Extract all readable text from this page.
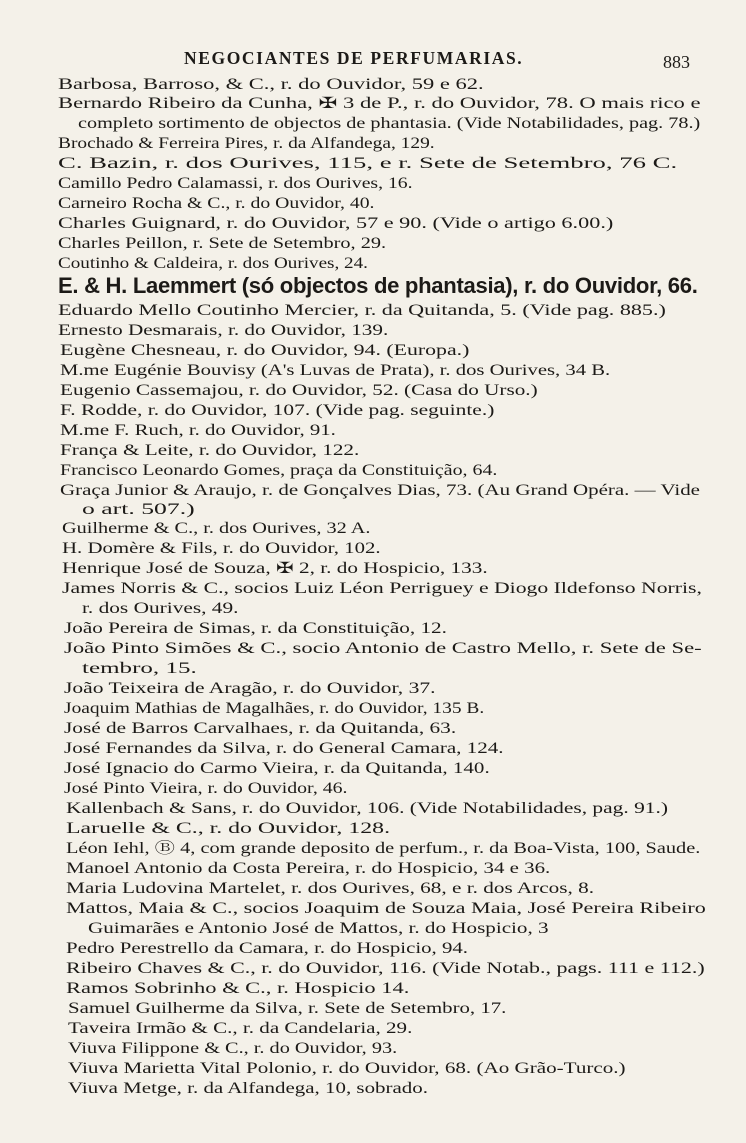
NEGOCIANTES DE PERFUMARIAS.	883
Barbosa, Barroso, & C., r. do Ouvidor, 59 e 62.
Bernardo Ribeiro da Cunha, ✠ 3 de P., r. do Ouvidor, 78. O mais rico e
completo sortimento de objectos de phantasia. (Vide Notabilidades, pag. 78.)
Brochado & Ferreira Pires, r. da Alfandega, 129.
C. Bazin, r. dos Ourives, 115, e r. Sete de Setembro, 76 C.
Camillo Pedro Calamassi, r. dos Ourives, 16.
Carneiro Rocha & C., r. do Ouvidor, 40.
Charles Guignard, r. do Ouvidor, 57 e 90. (Vide o artigo 6.00.)
Charles Peillon, r. Sete de Setembro, 29.
Coutinho & Caldeira, r. dos Ourives, 24.
E. & H. Laemmert (só objectos de phantasia), r. do Ouvidor, 66.
Eduardo Mello Coutinho Mercier, r. da Quitanda, 5. (Vide pag. 885.)
Ernesto Desmarais, r. do Ouvidor, 139.
Eugène Chesneau, r. do Ouvidor, 94. (Europa.)
M.me Eugénie Bouvisy (A's Luvas de Prata), r. dos Ourives, 34 B.
Eugenio Cassemajou, r. do Ouvidor, 52. (Casa do Urso.)
F. Rodde, r. do Ouvidor, 107. (Vide pag. seguinte.)
M.me F. Ruch, r. do Ouvidor, 91.
França & Leite, r. do Ouvidor, 122.
Francisco Leonardo Gomes, praça da Constituição, 64.
Graça Junior & Araujo, r. de Gonçalves Dias, 73. (Au Grand Opéra. — Vide
o art. 507.)
Guilherme & C., r. dos Ourives, 32 A.
H. Domère & Fils, r. do Ouvidor, 102.
Henrique José de Souza, ✠ 2, r. do Hospicio, 133.
James Norris & C., socios Luiz Léon Perriguey e Diogo Ildefonso Norris,
r. dos Ourives, 49.
João Pereira de Simas, r. da Constituição, 12.
João Pinto Simões & C., socio Antonio de Castro Mello, r. Sete de Se-
tembro, 15.
João Teixeira de Aragão, r. do Ouvidor, 37.
Joaquim Mathias de Magalhães, r. do Ouvidor, 135 B.
José de Barros Carvalhaes, r. da Quitanda, 63.
José Fernandes da Silva, r. do General Camara, 124.
José Ignacio do Carmo Vieira, r. da Quitanda, 140.
José Pinto Vieira, r. do Ouvidor, 46.
Kallenbach & Sans, r. do Ouvidor, 106. (Vide Notabilidades, pag. 91.)
Laruelle & C., r. do Ouvidor, 128.
Léon Iehl, Ⓑ 4, com grande deposito de perfum., r. da Boa-Vista, 100, Saude.
Manoel Antonio da Costa Pereira, r. do Hospicio, 34 e 36.
Maria Ludovina Martelet, r. dos Ourives, 68, e r. dos Arcos, 8.
Mattos, Maia & C., socios Joaquim de Souza Maia, José Pereira Ribeiro
Guimarães e Antonio José de Mattos, r. do Hospicio, 3
Pedro Perestrello da Camara, r. do Hospicio, 94.
Ribeiro Chaves & C., r. do Ouvidor, 116. (Vide Notab., pags. 111 e 112.)
Ramos Sobrinho & C., r. Hospicio 14.
Samuel Guilherme da Silva, r. Sete de Setembro, 17.
Taveira Irmão & C., r. da Candelaria, 29.
Viuva Filippone & C., r. do Ouvidor, 93.
Viuva Marietta Vital Polonio, r. do Ouvidor, 68. (Ao Grão-Turco.)
Viuva Metge, r. da Alfandega, 10, sobrado.
